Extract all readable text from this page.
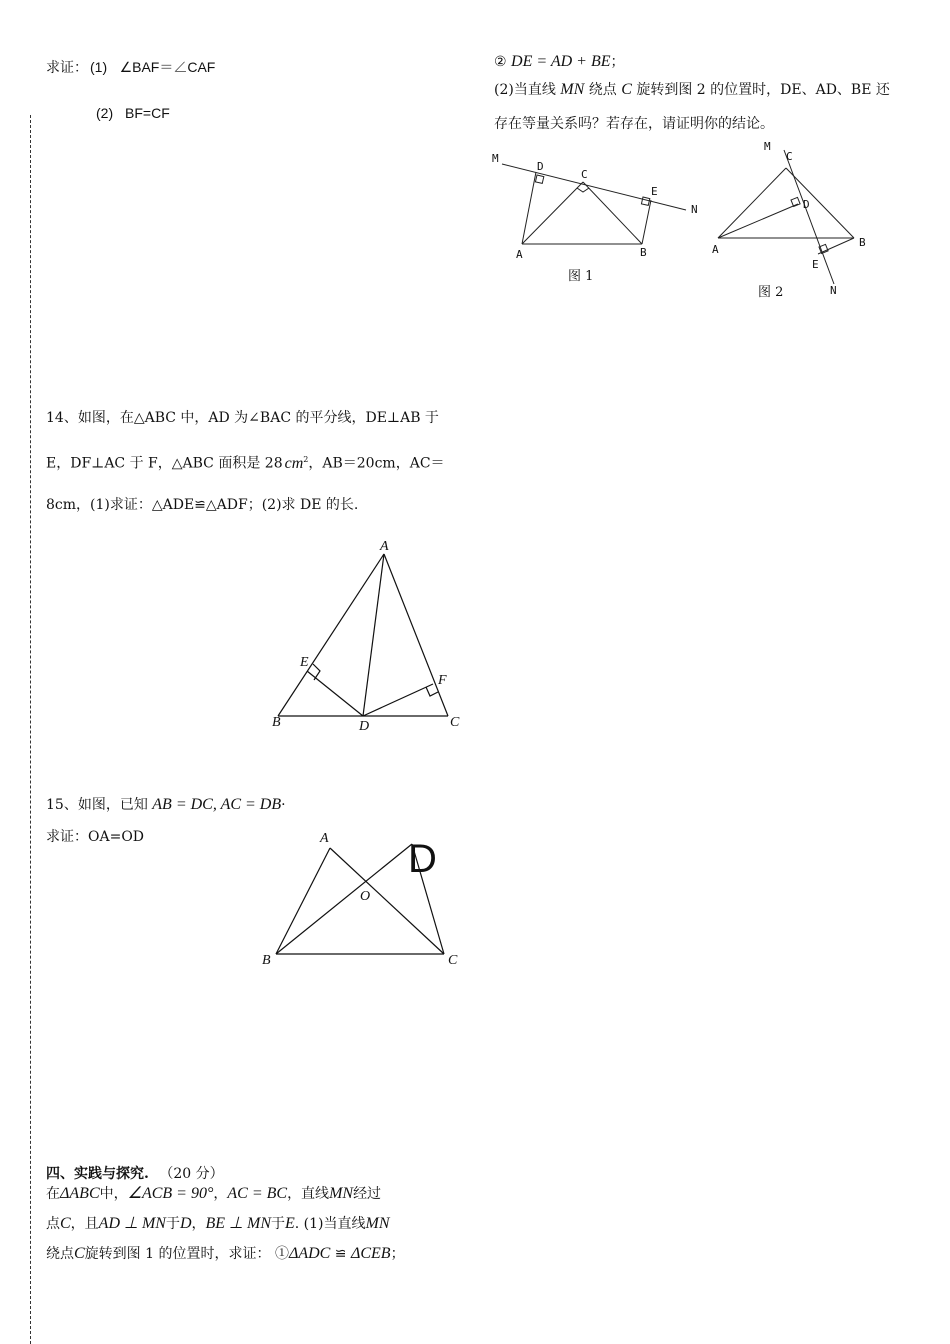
求证： (1) ∠BAF＝∠CAF
(2) BF=CF
② DE = AD + BE；
(2)当直线 MN 绕点 C 旋转到图 2 的位置时，DE、AD、BE 还
存在等量关系吗？若存在，请证明你的结论。
M
D
C
E
N
A	B
图 1
M
C
D
A
B
E
N
图 2
14、如图，在△ABC 中，AD 为∠BAC 的平分线，DE⊥AB 于
E，DF⊥AC 于 F，△ABC 面积是 28 $cm^2$，AB＝20cm，AC＝
8cm，(1)求证：△ADE≌△ADF；(2)求 DE 的长.
A
E
F
B	D	C
15、如图，已知 AB = DC, AC = DB·
求证：OA=OD	A D
O
B	C
四、实践与探究. （20 分）
在ΔABC中，∠ACB = 90°，AC = BC，直线MN经过
点C，且AD ⊥ MN于D，BE ⊥ MN于E. (1)当直线MN
绕点C旋转到图 1 的位置时，求证： ①ΔADC ≌ ΔCEB；
